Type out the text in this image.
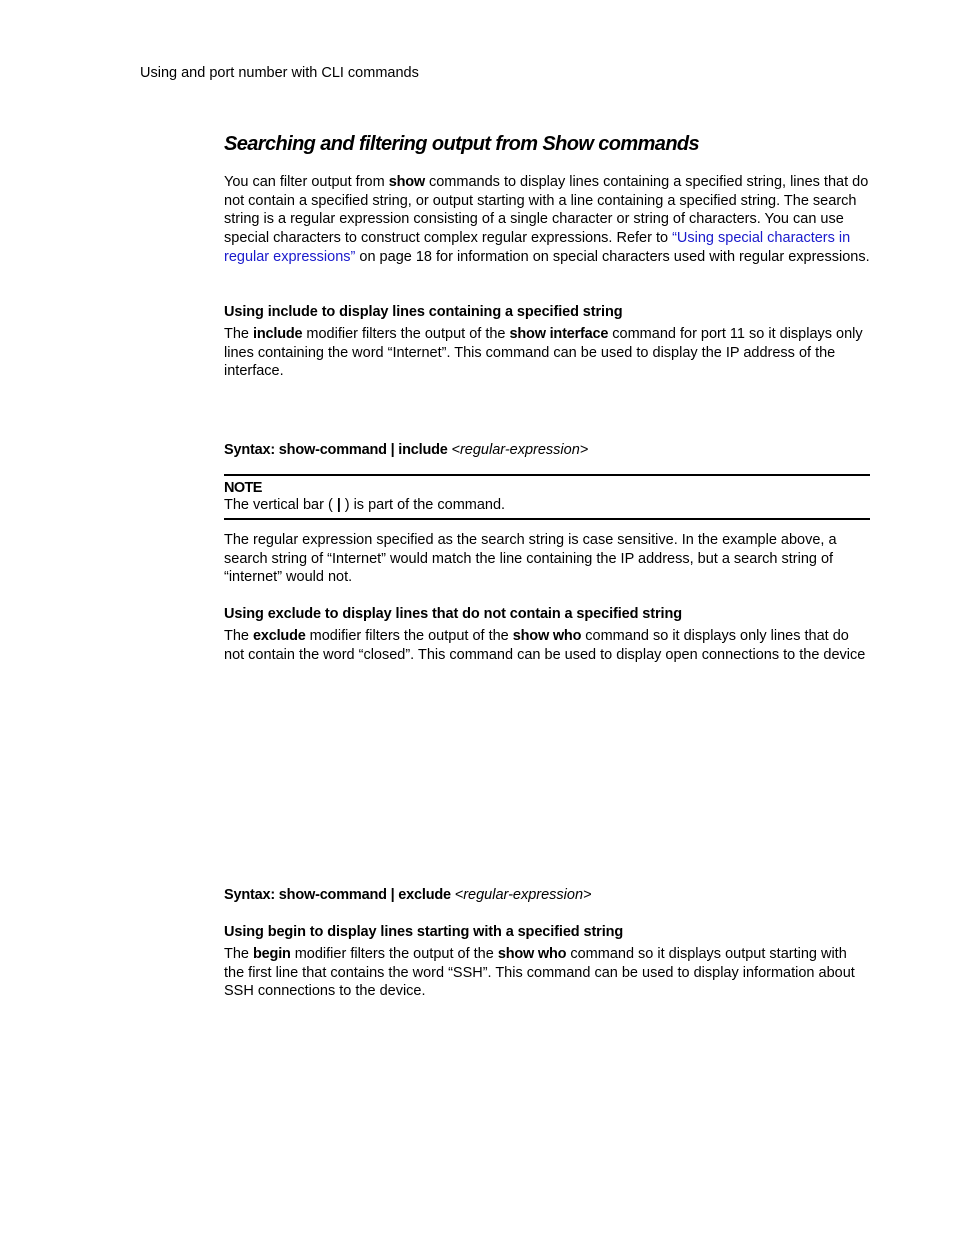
Using and port number with CLI commands
Searching and filtering output from Show commands
You can filter output from show commands to display lines containing a specified string, lines that do not contain a specified string, or output starting with a line containing a specified string. The search string is a regular expression consisting of a single character or string of characters. You can use special characters to construct complex regular expressions. Refer to “Using special characters in regular expressions” on page 18 for information on special characters used with regular expressions.
Using include to display lines containing a specified string
The include modifier filters the output of the show interface command for port 11 so it displays only lines containing the word “Internet”. This command can be used to display the IP address of the interface.
Syntax: show-command | include <regular-expression>
NOTE
The vertical bar ( | ) is part of the command.
The regular expression specified as the search string is case sensitive. In the example above, a search string of “Internet” would match the line containing the IP address, but a search string of “internet” would not.
Using exclude to display lines that do not contain a specified string
The exclude modifier filters the output of the show who command so it displays only lines that do not contain the word “closed”. This command can be used to display open connections to the device
Syntax: show-command | exclude <regular-expression>
Using begin to display lines starting with a specified string
The begin modifier filters the output of the show who command so it displays output starting with the first line that contains the word “SSH”. This command can be used to display information about SSH connections to the device.
